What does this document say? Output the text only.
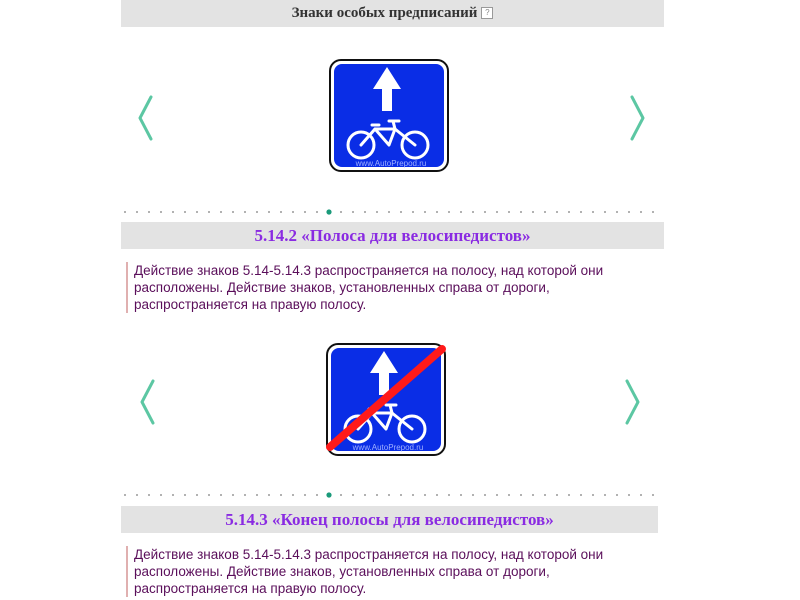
Знаки особых предписаний ?
www.AutoPrepod.ru
5.14.2 «Полоса для велосипедистов»
Действие знаков 5.14-5.14.3 распространяется на полосу, над которой они расположены. Действие знаков, установленных справа от дороги, распространяется на правую полосу.
www.AutoPrepod.ru
5.14.3 «Конец полосы для велосипедистов»
Действие знаков 5.14-5.14.3 распространяется на полосу, над которой они расположены. Действие знаков, установленных справа от дороги, распространяется на правую полосу.
